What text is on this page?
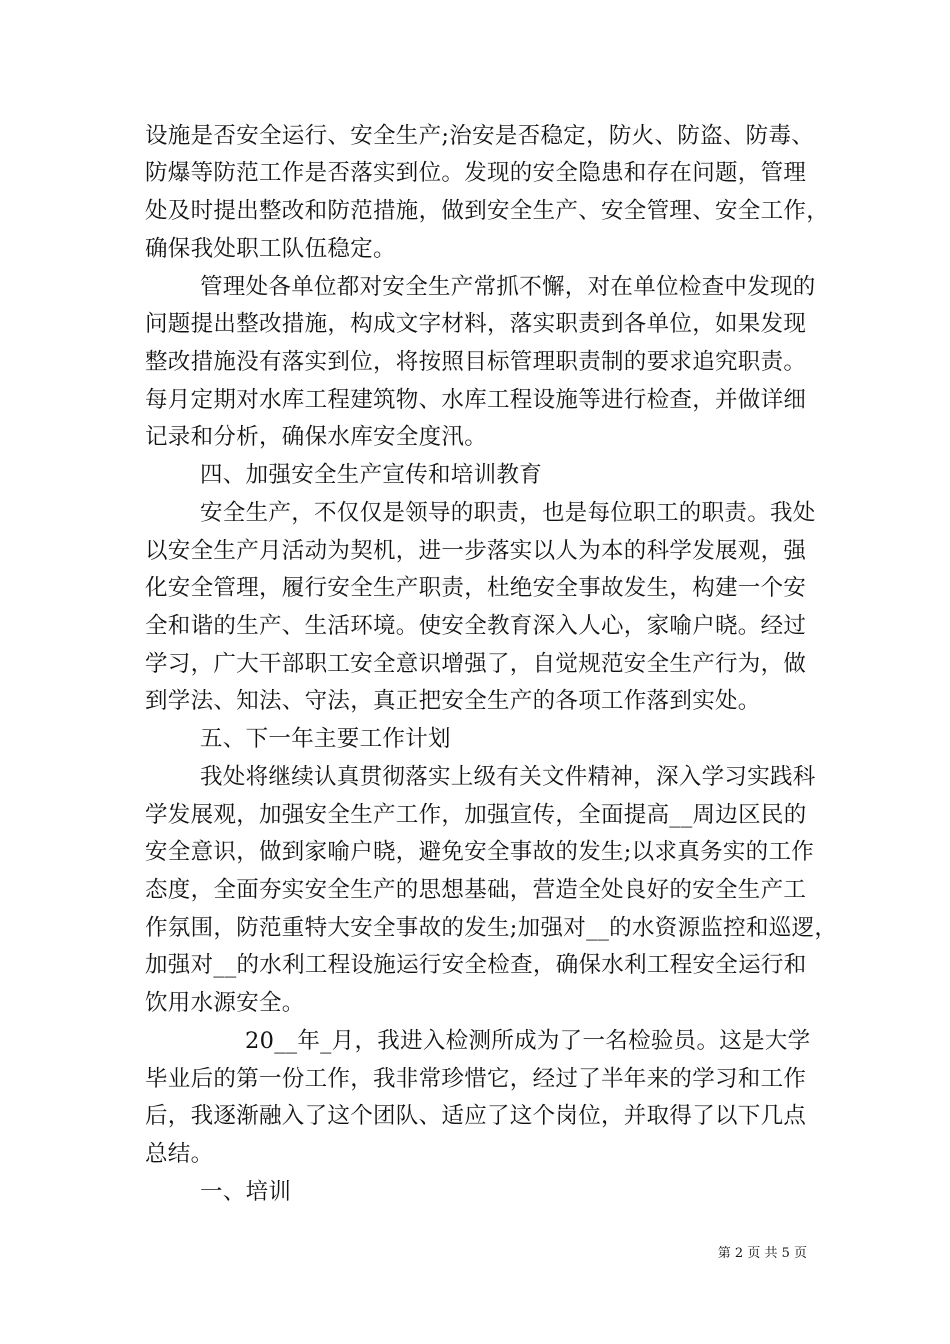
设施是否安全运行、安全生产;治安是否稳定，防火、防盗、防毒、
防爆等防范工作是否落实到位。发现的安全隐患和存在问题，管理
处及时提出整改和防范措施，做到安全生产、安全管理、安全工作，
确保我处职工队伍稳定。
管理处各单位都对安全生产常抓不懈，对在单位检查中发现的
问题提出整改措施，构成文字材料，落实职责到各单位，如果发现
整改措施没有落实到位，将按照目标管理职责制的要求追究职责。
每月定期对水库工程建筑物、水库工程设施等进行检查，并做详细
记录和分析，确保水库安全度汛。
四、加强安全生产宣传和培训教育
安全生产，不仅仅是领导的职责，也是每位职工的职责。我处
以安全生产月活动为契机，进一步落实以人为本的科学发展观，强
化安全管理，履行安全生产职责，杜绝安全事故发生，构建一个安
全和谐的生产、生活环境。使安全教育深入人心，家喻户晓。经过
学习，广大干部职工安全意识增强了，自觉规范安全生产行为，做
到学法、知法、守法，真正把安全生产的各项工作落到实处。
五、下一年主要工作计划
我处将继续认真贯彻落实上级有关文件精神，深入学习实践科
学发展观，加强安全生产工作，加强宣传，全面提高__周边区民的
安全意识，做到家喻户晓，避免安全事故的发生;以求真务实的工作
态度，全面夯实安全生产的思想基础，营造全处良好的安全生产工
作氛围，防范重特大安全事故的发生;加强对__的水资源监控和巡逻，
加强对__的水利工程设施运行安全检查，确保水利工程安全运行和
饮用水源安全。
20__年_月，我进入检测所成为了一名检验员。这是大学
毕业后的第一份工作，我非常珍惜它，经过了半年来的学习和工作
后，我逐渐融入了这个团队、适应了这个岗位，并取得了以下几点
总结。
一、培训
第 2 页 共 5 页
